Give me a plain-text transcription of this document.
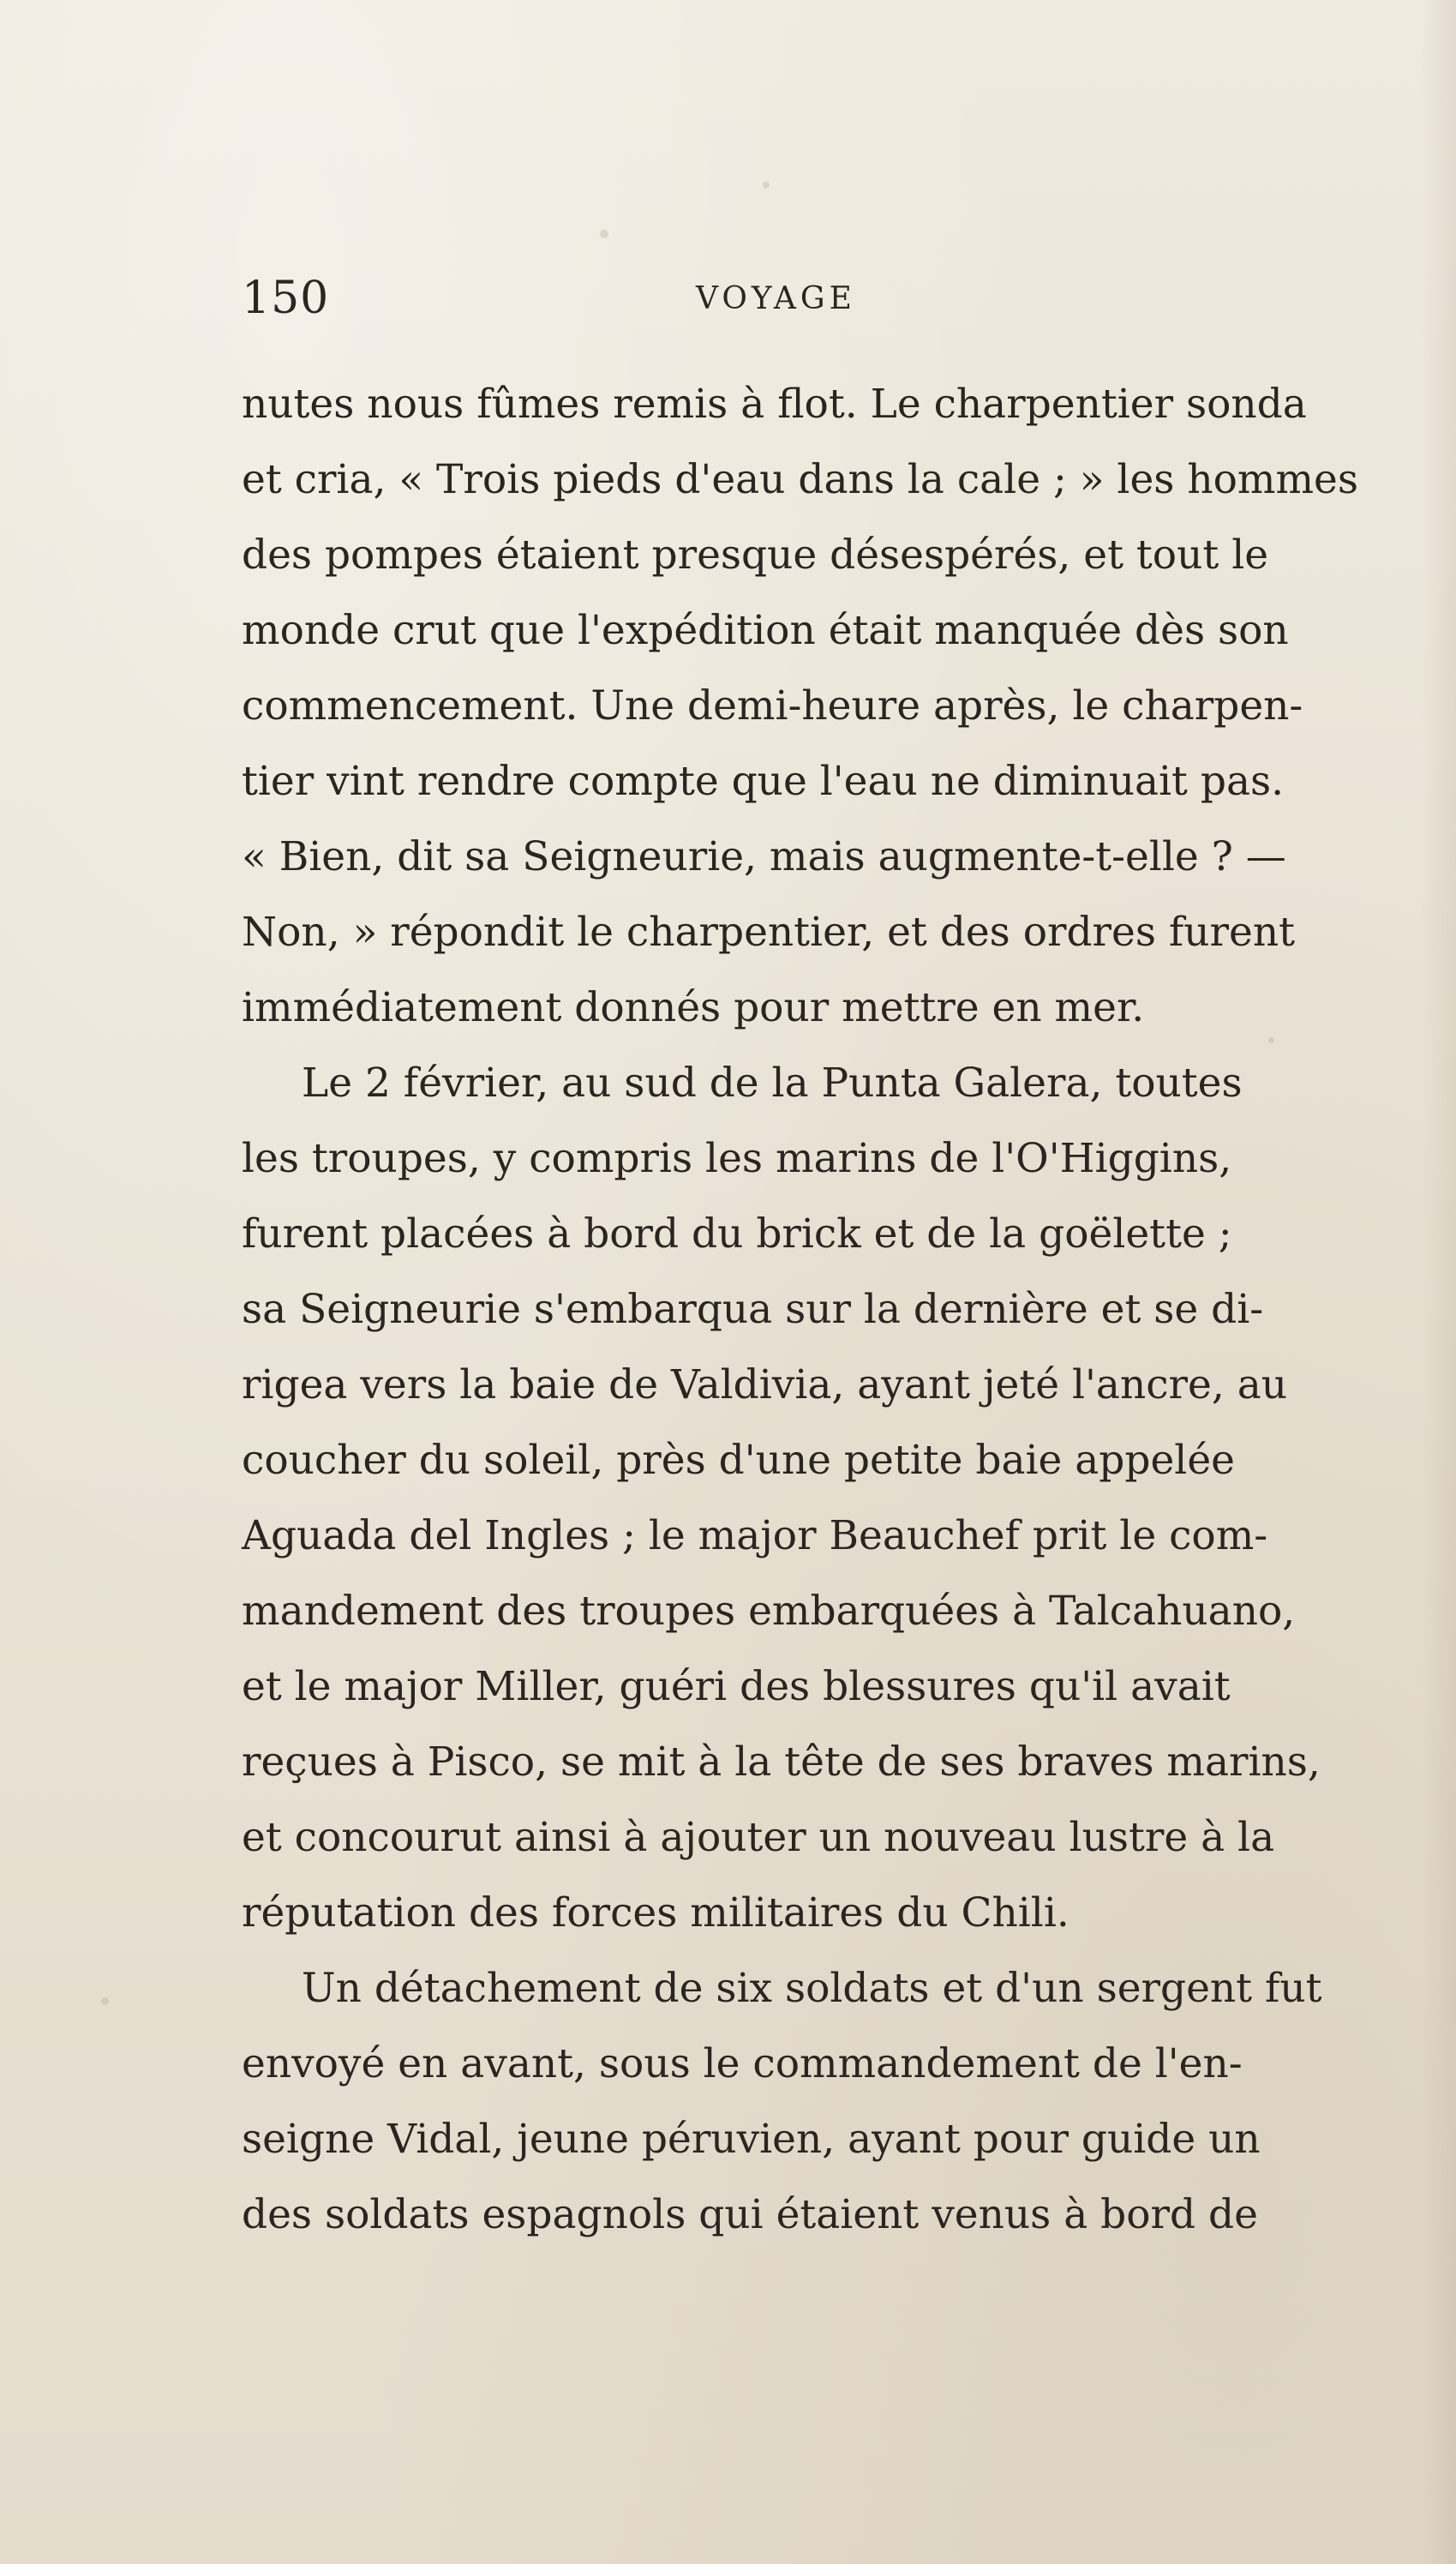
150	VOYAGE
nutes nous fûmes remis à flot. Le charpentier sonda
et cria, « Trois pieds d'eau dans la cale ; » les hommes
des pompes étaient presque désespérés, et tout le
monde crut que l'expédition était manquée dès son
commencement. Une demi-heure après, le charpen-
tier vint rendre compte que l'eau ne diminuait pas.
« Bien, dit sa Seigneurie, mais augmente-t-elle ? —
Non, » répondit le charpentier, et des ordres furent
immédiatement donnés pour mettre en mer.
Le 2 février, au sud de la Punta Galera, toutes
les troupes, y compris les marins de l'O'Higgins,
furent placées à bord du brick et de la goëlette ;
sa Seigneurie s'embarqua sur la dernière et se di-
rigea vers la baie de Valdivia, ayant jeté l'ancre, au
coucher du soleil, près d'une petite baie appelée
Aguada del Ingles ; le major Beauchef prit le com-
mandement des troupes embarquées à Talcahuano,
et le major Miller, guéri des blessures qu'il avait
reçues à Pisco, se mit à la tête de ses braves marins,
et concourut ainsi à ajouter un nouveau lustre à la
réputation des forces militaires du Chili.
Un détachement de six soldats et d'un sergent fut
envoyé en avant, sous le commandement de l'en-
seigne Vidal, jeune péruvien, ayant pour guide un
des soldats espagnols qui étaient venus à bord de
